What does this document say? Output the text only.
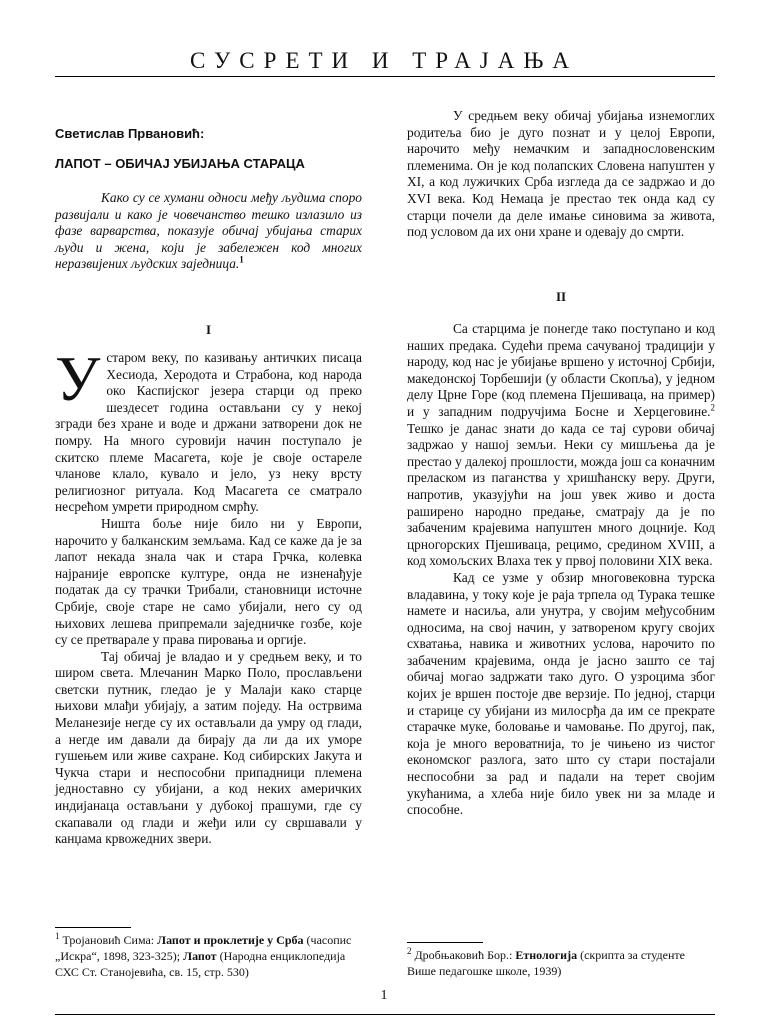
СУСРЕТИ И ТРАЈАЊА
Светислав Првановић:
ЛАПОТ – ОБИЧАЈ УБИЈАЊА СТАРАЦА
Како су се хумани односи међу људима споро развијали и како је човечанство тешко излазило из фазе варварства, показује обичај убијања старих људи и жена, који је забележен код многих неразвијених људских заједница.$^1$
I

Устаром веку, по казивању античких писаца Хесиода, Херодота и Страбона, код народа око Каспијског језера старци од преко шездесет година остављани су у некој згради без хране и воде и држани затворени док не помру. На много суровији начин поступало је скитско племе Масагета, које је своје остареле чланове клало, кувало и јело, уз неку врсту религиозног ритуала. Код Масагета се сматрало несрећом умрети природном смрћу.

Ништа боље није било ни у Европи, нарочито у балканским земљама. Кад се каже да је за лапот некада знала чак и стара Грчка, колевка најраније европске културе, онда не изненађује податак да су трачки Трибали, становници источне Србије, своје старе не само убијали, него су од њихових лешева припремали заједничке гозбе, које су се претварале у права пировања и оргије.

Тај обичај је владао и у средњем веку, и то широм света. Млечанин Марко Поло, прослављени светски путник, гледао је у Малаји како старце њихови млађи убијају, а затим поједу. На острвима Меланезије негде су их остављали да умру од глади, а негде им давали да бирају да ли да их уморе гушењем или живе сахране. Код сибирских Јакута и Чукча стари и неспособни припадници племена једноставно су убијани, а код неких америчких индијанаца остављани у дубокој прашуми, где су скапавали од глади и жеђи или су свршавали у канџама крвожедних звери.

У средњем веку обичај убијања изнемоглих родитеља био је дуго познат и у целој Европи, нарочито међу немачким и западнословенским племенима. Он је код полапских Словена напуштен у XI, а код лужичких Срба изгледа да се задржао и до XVI века. Код Немаца је престао тек онда кад су старци почели да деле имање синовима за живота, под условом да их они хране и одевају до смрти.

II

Са старцима је понегде тако поступано и код наших предака. Судећи према сачуваној традицији у народу, код нас је убијање вршено у источној Србији, македонској Торбешији (у области Скопља), у једном делу Црне Горе (код племена Пјешиваца, на пример) и у западним подручјима Босне и Херцеговине.$^2$ Тешко је данас знати до када се тај сурови обичај задржао у нашој земљи. Неки су мишљења да је престао у далекој прошлости, можда још са коначним преласком из паганства у хришћанску веру. Други, напротив, указујући на још увек живо и доста раширено народно предање, сматрају да је по забаченим крајевима напуштен много доцније. Код црногорских Пјешиваца, рецимо, средином XVIII, а код хомољских Влаха тек у првој половини XIX века.

Кад се узме у обзир многовековна турска владавина, у току које је раја трпела од Турака тешке намете и насиља, али унутра, у својим међусобним односима, на свој начин, у затвореном кругу својих схватања, навика и животних услова, нарочито по забаченим крајевима, онда је јасно зашто се тај обичај могао задржати тако дуго. О узроцима због којих је вршен постоје две верзије. По једној, старци и старице су убијани из милосрђа да им се прекрате старачке муке, боловање и чамовање. По другој, пак, која је много вероватнија, то је чињено из чистог економског разлога, зато што су стари постајали неспособни за рад и падали на терет својим укућанима, а хлеба није било увек ни за младе и способне.

$^1$ Тројановић Сима: Лапот и проклетије у Срба (часопис „Искра“, 1898, 323-325); Лапот (Народна енциклопедија СХС Ст. Станојевића, св. 15, стр. 530)
$^2$ Дробњаковић Бор.: Етнологија (скрипта за студенте Више педагошке школе, 1939)
1
